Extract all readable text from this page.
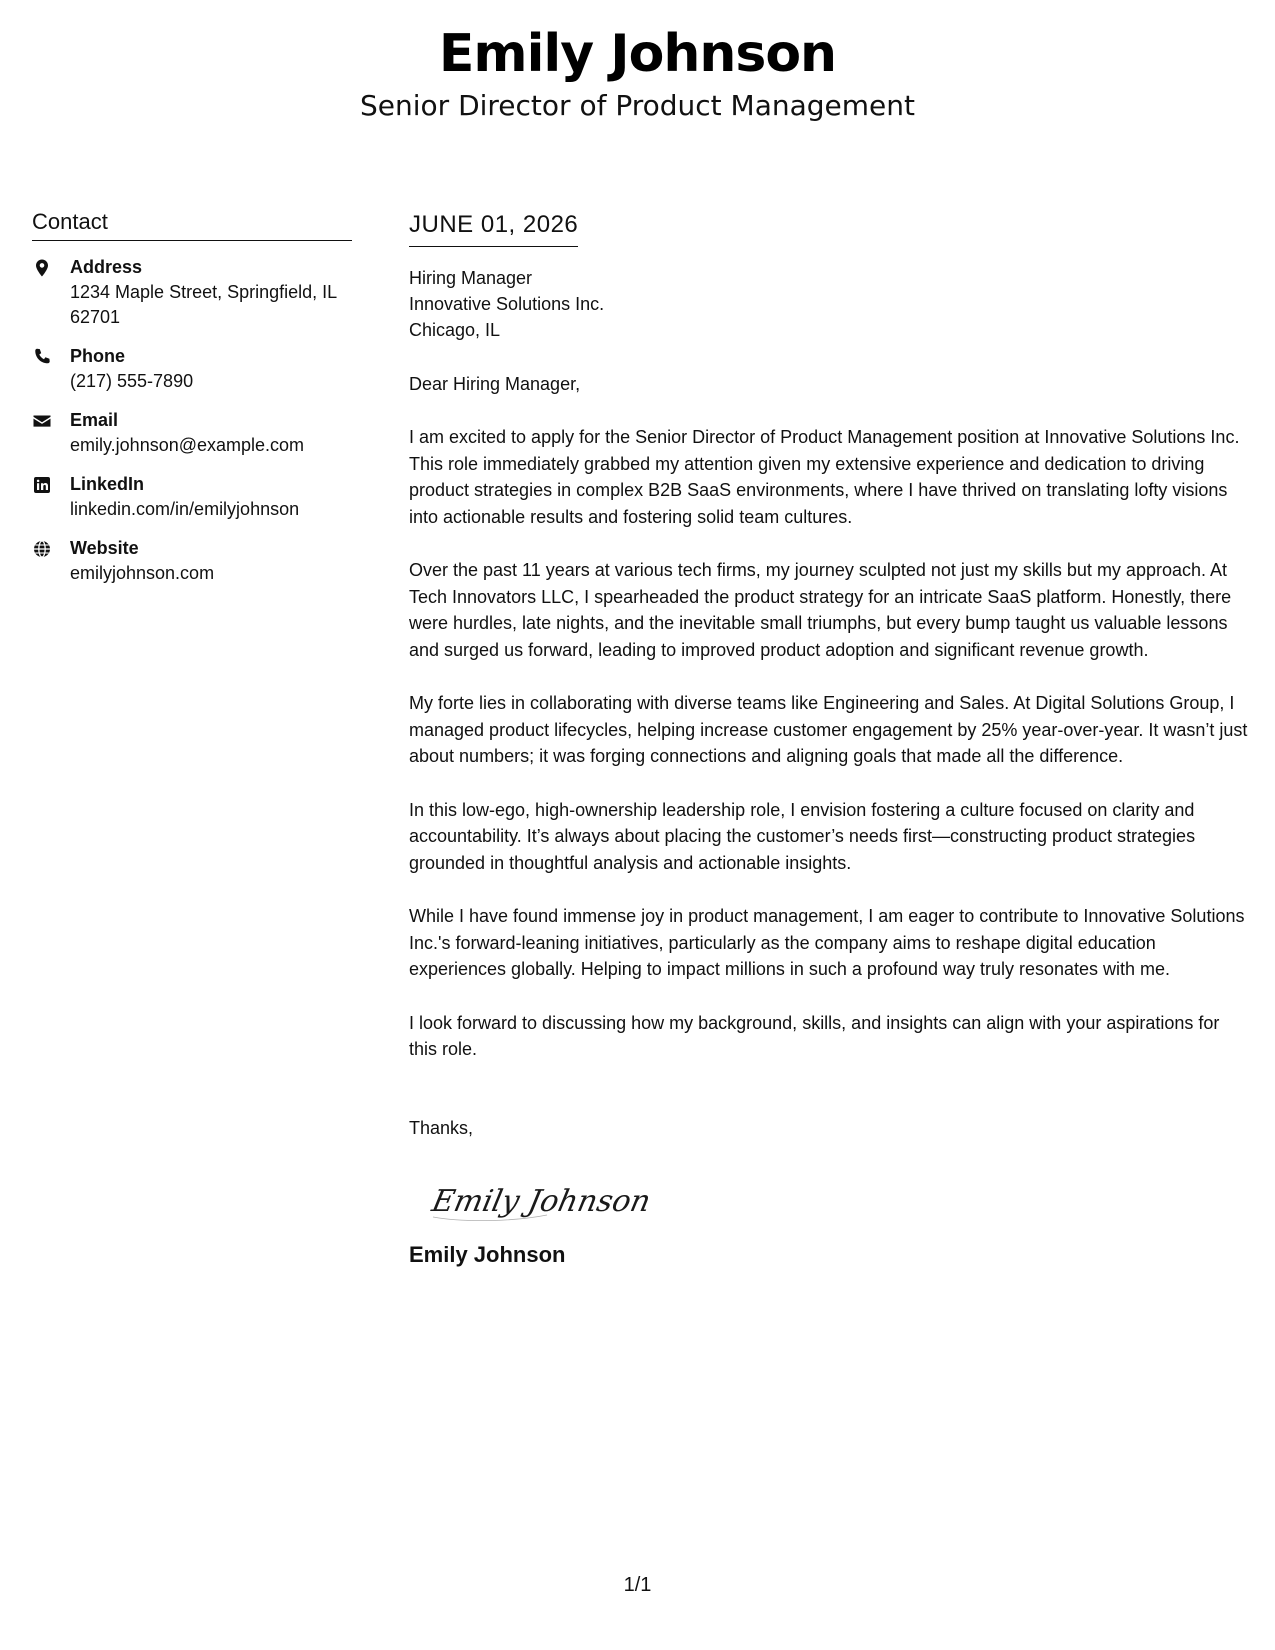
Emily Johnson
Senior Director of Product Management
Contact
Address
1234 Maple Street, Springfield, IL 62701
Phone
(217) 555-7890
Email
emily.johnson@example.com
LinkedIn
linkedin.com/in/emilyjohnson
Website
emilyjohnson.com
JUNE 01, 2026
Hiring Manager
Innovative Solutions Inc.
Chicago, IL
Dear Hiring Manager,
I am excited to apply for the Senior Director of Product Management position at Innovative Solutions Inc. This role immediately grabbed my attention given my extensive experience and dedication to driving product strategies in complex B2B SaaS environments, where I have thrived on translating lofty visions into actionable results and fostering solid team cultures.
Over the past 11 years at various tech firms, my journey sculpted not just my skills but my approach. At Tech Innovators LLC, I spearheaded the product strategy for an intricate SaaS platform. Honestly, there were hurdles, late nights, and the inevitable small triumphs, but every bump taught us valuable lessons and surged us forward, leading to improved product adoption and significant revenue growth.
My forte lies in collaborating with diverse teams like Engineering and Sales. At Digital Solutions Group, I managed product lifecycles, helping increase customer engagement by 25% year-over-year. It wasn’t just about numbers; it was forging connections and aligning goals that made all the difference.
In this low-ego, high-ownership leadership role, I envision fostering a culture focused on clarity and accountability. It’s always about placing the customer’s needs first—constructing product strategies grounded in thoughtful analysis and actionable insights.
While I have found immense joy in product management, I am eager to contribute to Innovative Solutions Inc.'s forward-leaning initiatives, particularly as the company aims to reshape digital education experiences globally. Helping to impact millions in such a profound way truly resonates with me.
I look forward to discussing how my background, skills, and insights can align with your aspirations for this role.
Thanks,
Emily Johnson
Emily Johnson
1/1
